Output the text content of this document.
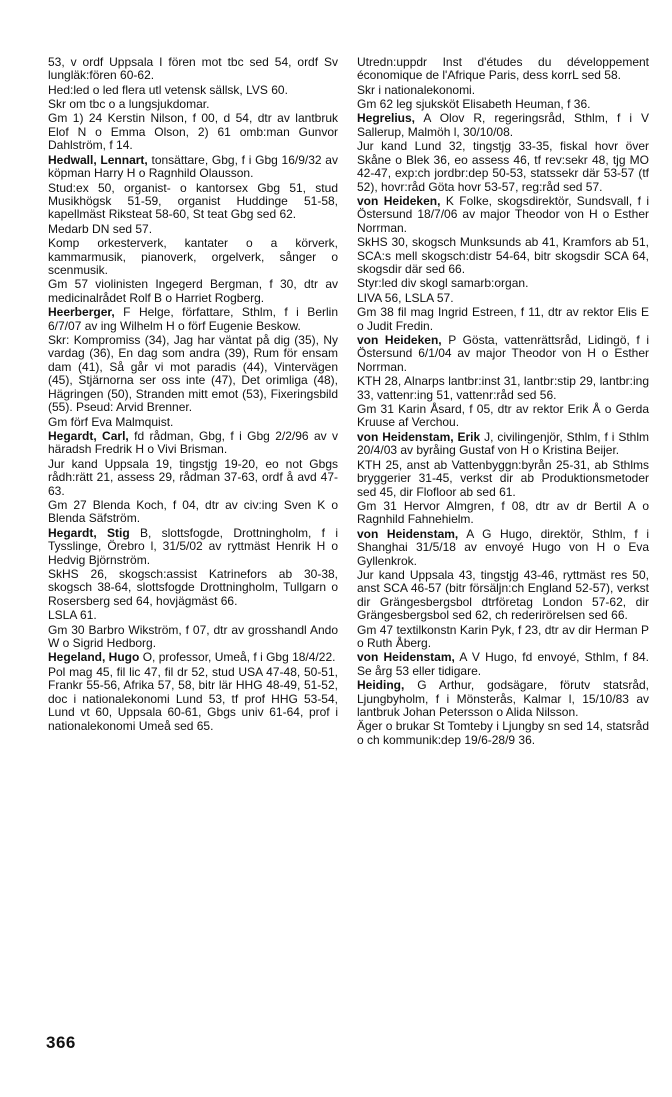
53, v ordf Uppsala I fören mot tbc sed 54, ordf Sv lungläk:fören 60-62.
Hed:led o led flera utl vetensk sällsk, LVS 60.
Skr om tbc o a lungsjukdomar.
Gm 1) 24 Kerstin Nilson, f 00, d 54, dtr av lantbruk Elof N o Emma Olson, 2) 61 omb:man Gunvor Dahlström, f 14.
Hedwall, Lennart, tonsättare, Gbg, f i Gbg 16/9/32 av köpman Harry H o Ragnhild Olausson.
Stud:ex 50, organist- o kantorsex Gbg 51, stud Musikhögsk 51-59, organist Huddinge 51-58, kapellmäst Riksteat 58-60, St teat Gbg sed 62.
Medarb DN sed 57.
Komp orkesterverk, kantater o a körverk, kammarmusik, pianoverk, orgelverk, sånger o scenmusik.
Gm 57 violinisten Ingegerd Bergman, f 30, dtr av medicinalrådet Rolf B o Harriet Rogberg.
Heerberger, F Helge, författare, Sthlm, f i Berlin 6/7/07 av ing Wilhelm H o förf Eugenie Beskow.
Skr: Kompromiss (34), Jag har väntat på dig (35), Ny vardag (36), En dag som andra (39), Rum för ensam dam (41), Så går vi mot paradis (44), Vintervägen (45), Stjärnorna ser oss inte (47), Det orimliga (48), Hägringen (50), Stranden mitt emot (53), Fixeringsbild (55). Pseud: Arvid Brenner.
Gm förf Eva Malmquist.
Hegardt, Carl, fd rådman, Gbg, f i Gbg 2/2/96 av v häradsh Fredrik H o Vivi Brisman.
Jur kand Uppsala 19, tingstjg 19-20, eo not Gbgs rådh:rätt 21, assess 29, rådman 37-63, ordf å avd 47-63.
Gm 27 Blenda Koch, f 04, dtr av civ:ing Sven K o Blenda Säfström.
Hegardt, Stig B, slottsfogde, Drottningholm, f i Tysslinge, Örebro l, 31/5/02 av ryttmäst Henrik H o Hedvig Björnström.
SkHS 26, skogsch:assist Katrinefors ab 30-38, skogsch 38-64, slottsfogde Drottningholm, Tullgarn o Rosersberg sed 64, hovjägmäst 66.
LSLA 61.
Gm 30 Barbro Wikström, f 07, dtr av grosshandl Ando W o Sigrid Hedborg.
Hegeland, Hugo O, professor, Umeå, f i Gbg 18/4/22.
Pol mag 45, fil lic 47, fil dr 52, stud USA 47-48, 50-51, Frankr 55-56, Afrika 57, 58, bitr lär HHG 48-49, 51-52, doc i nationalekonomi Lund 53, tf prof HHG 53-54, Lund vt 60, Uppsala 60-61, Gbgs univ 61-64, prof i nationalekonomi Umeå sed 65.
Utredn:uppdr Inst d'études du développement économique de l'Afrique Paris, dess korrL sed 58.
Skr i nationalekonomi.
Gm 62 leg sjuksköt Elisabeth Heuman, f 36.
Hegrelius, A Olov R, regeringsråd, Sthlm, f i V Sallerup, Malmöh l, 30/10/08.
Jur kand Lund 32, tingstjg 33-35, fiskal hovr över Skåne o Blek 36, eo assess 46, tf rev:sekr 48, tjg MO 42-47, exp:ch jordbr:dep 50-53, statssekr där 53-57 (tf 52), hovr:råd Göta hovr 53-57, reg:råd sed 57.
von Heideken, K Folke, skogsdirektör, Sundsvall, f i Östersund 18/7/06 av major Theodor von H o Esther Norrman.
SkHS 30, skogsch Munksunds ab 41, Kramfors ab 51, SCA:s mell skogsch:distr 54-64, bitr skogsdir SCA 64, skogsdir där sed 66.
Styr:led div skogl samarb:organ.
LIVA 56, LSLA 57.
Gm 38 fil mag Ingrid Estreen, f 11, dtr av rektor Elis E o Judit Fredin.
von Heideken, P Gösta, vattenrättsråd, Lidingö, f i Östersund 6/1/04 av major Theodor von H o Esther Norrman.
KTH 28, Alnarps lantbr:inst 31, lantbr:stip 29, lantbr:ing 33, vattenr:ing 51, vattenr:råd sed 56.
Gm 31 Karin Åsard, f 05, dtr av rektor Erik Å o Gerda Kruuse af Verchou.
von Heidenstam, Erik J, civilingenjör, Sthlm, f i Sthlm 20/4/03 av byråing Gustaf von H o Kristina Beijer.
KTH 25, anst ab Vattenbyggn:byrån 25-31, ab Sthlms bryggerier 31-45, verkst dir ab Produktionsmetoder sed 45, dir Flofloor ab sed 61.
Gm 31 Hervor Almgren, f 08, dtr av dr Bertil A o Ragnhild Fahnehielm.
von Heidenstam, A G Hugo, direktör, Sthlm, f i Shanghai 31/5/18 av envoyé Hugo von H o Eva Gyllenkrok.
Jur kand Uppsala 43, tingstjg 43-46, ryttmäst res 50, anst SCA 46-57 (bitr försäljn:ch England 52-57), verkst dir Grängesbergsbol dtrföretag London 57-62, dir Grängesbergsbol sed 62, ch rederirörelsen sed 66.
Gm 47 textilkonstn Karin Pyk, f 23, dtr av dir Herman P o Ruth Åberg.
von Heidenstam, A V Hugo, fd envoyé, Sthlm, f 84. Se årg 53 eller tidigare.
Heiding, G Arthur, godsägare, förutv statsråd, Ljungbyholm, f i Mönsterås, Kalmar l, 15/10/83 av lantbruk Johan Petersson o Alida Nilsson.
Äger o brukar St Tomteby i Ljungby sn sed 14, statsråd o ch kommunik:dep 19/6-28/9 36.
366
